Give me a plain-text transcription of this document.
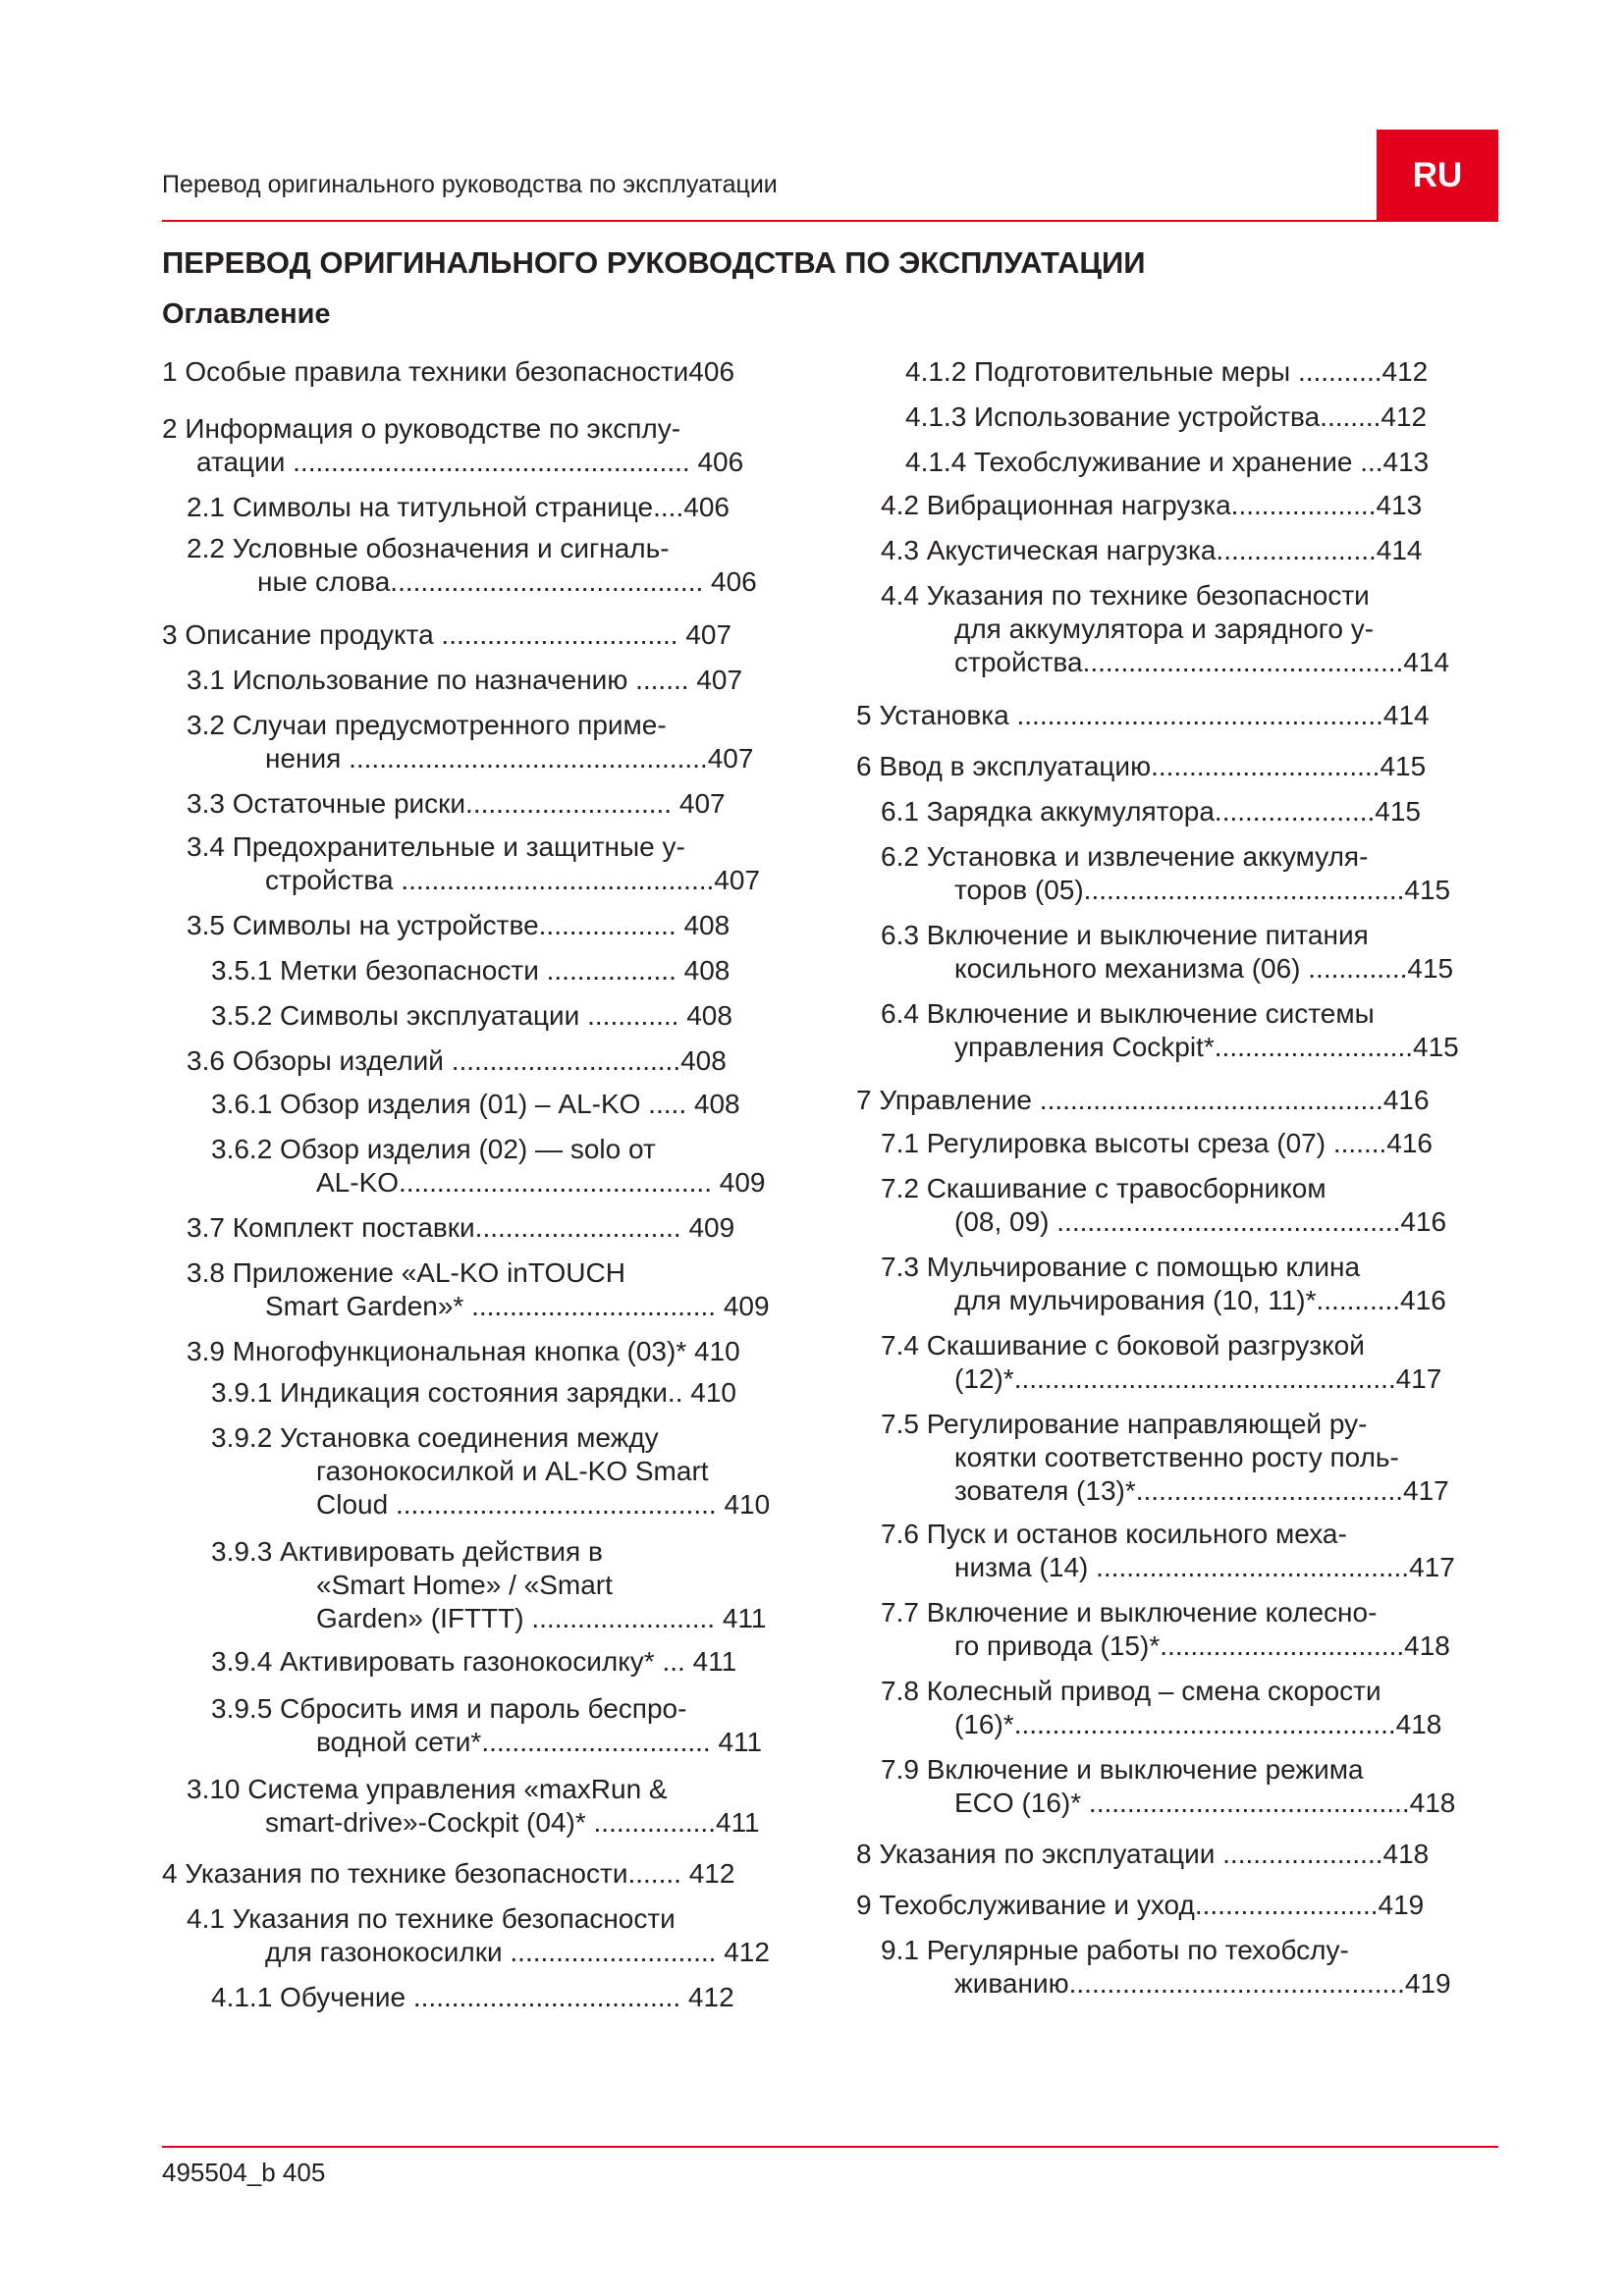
Перевод оригинального руководства по эксплуатации	RU
ПЕРЕВОД ОРИГИНАЛЬНОГО РУКОВОДСТВА ПО ЭКСПЛУАТАЦИИ
Оглавление
1 Особые правила техники безопасности406
2 Информация о руководстве по эксплу-
атации .................................................... 406
2.1 Символы на титульной странице....406
2.2 Условные обозначения и сигналь-
ные слова......................................... 406
3 Описание продукта ............................... 407
3.1 Использование по назначению ....... 407
3.2 Случаи предусмотренного приме-
нения ...............................................407
3.3 Остаточные риски........................... 407
3.4 Предохранительные и защитные у-
стройства .........................................407
3.5 Символы на устройстве.................. 408
3.5.1 Метки безопасности ................. 408
3.5.2 Символы эксплуатации ............ 408
3.6 Обзоры изделий ..............................408
3.6.1 Обзор изделия (01) – AL-KO ..... 408
3.6.2 Обзор изделия (02) — solo от
AL-KO......................................... 409
3.7 Комплект поставки........................... 409
3.8 Приложение «AL-KO inTOUCH
Smart Garden»* ................................ 409
3.9 Многофункциональная кнопка (03)* 410
3.9.1 Индикация состояния зарядки.. 410
3.9.2 Установка соединения между
газонокосилкой и AL-KO Smart
Cloud .......................................... 410
3.9.3 Активировать действия в
«Smart Home» / «Smart
Garden» (IFTTT) ........................ 411
3.9.4 Активировать газонокосилку* ... 411
3.9.5 Сбросить имя и пароль беспро-
водной сети*.............................. 411
3.10 Система управления «maxRun &
smart-drive»-Cockpit (04)* ................411
4 Указания по технике безопасности....... 412
4.1 Указания по технике безопасности
для газонокосилки ........................... 412
4.1.1 Обучение ................................... 412
4.1.2 Подготовительные меры ...........412
4.1.3 Использование устройства........412
4.1.4 Техобслуживание и хранение ...413
4.2 Вибрационная нагрузка...................413
4.3 Акустическая нагрузка.....................414
4.4 Указания по технике безопасности
для аккумулятора и зарядного у-
стройства..........................................414
5 Установка ................................................414
6 Ввод в эксплуатацию..............................415
6.1 Зарядка аккумулятора.....................415
6.2 Установка и извлечение аккумуля-
торов (05)..........................................415
6.3 Включение и выключение питания
косильного механизма (06) .............415
6.4 Включение и выключение системы
управления Cockpit*..........................415
7 Управление .............................................416
7.1 Регулировка высоты среза (07) .......416
7.2 Скашивание с травосборником
(08, 09) .............................................416
7.3 Мульчирование с помощью клина
для мульчирования (10, 11)*...........416
7.4 Скашивание с боковой разгрузкой
(12)*..................................................417
7.5 Регулирование направляющей ру-
коятки соответственно росту поль-
зователя (13)*...................................417
7.6 Пуск и останов косильного меха-
низма (14) .........................................417
7.7 Включение и выключение колесно-
го привода (15)*................................418
7.8 Колесный привод – смена скорости
(16)*..................................................418
7.9 Включение и выключение режима
ECO (16)* ..........................................418
8 Указания по эксплуатации .....................418
9 Техобслуживание и уход........................419
9.1 Регулярные работы по техобслу-
живанию............................................419
495504_b 405
